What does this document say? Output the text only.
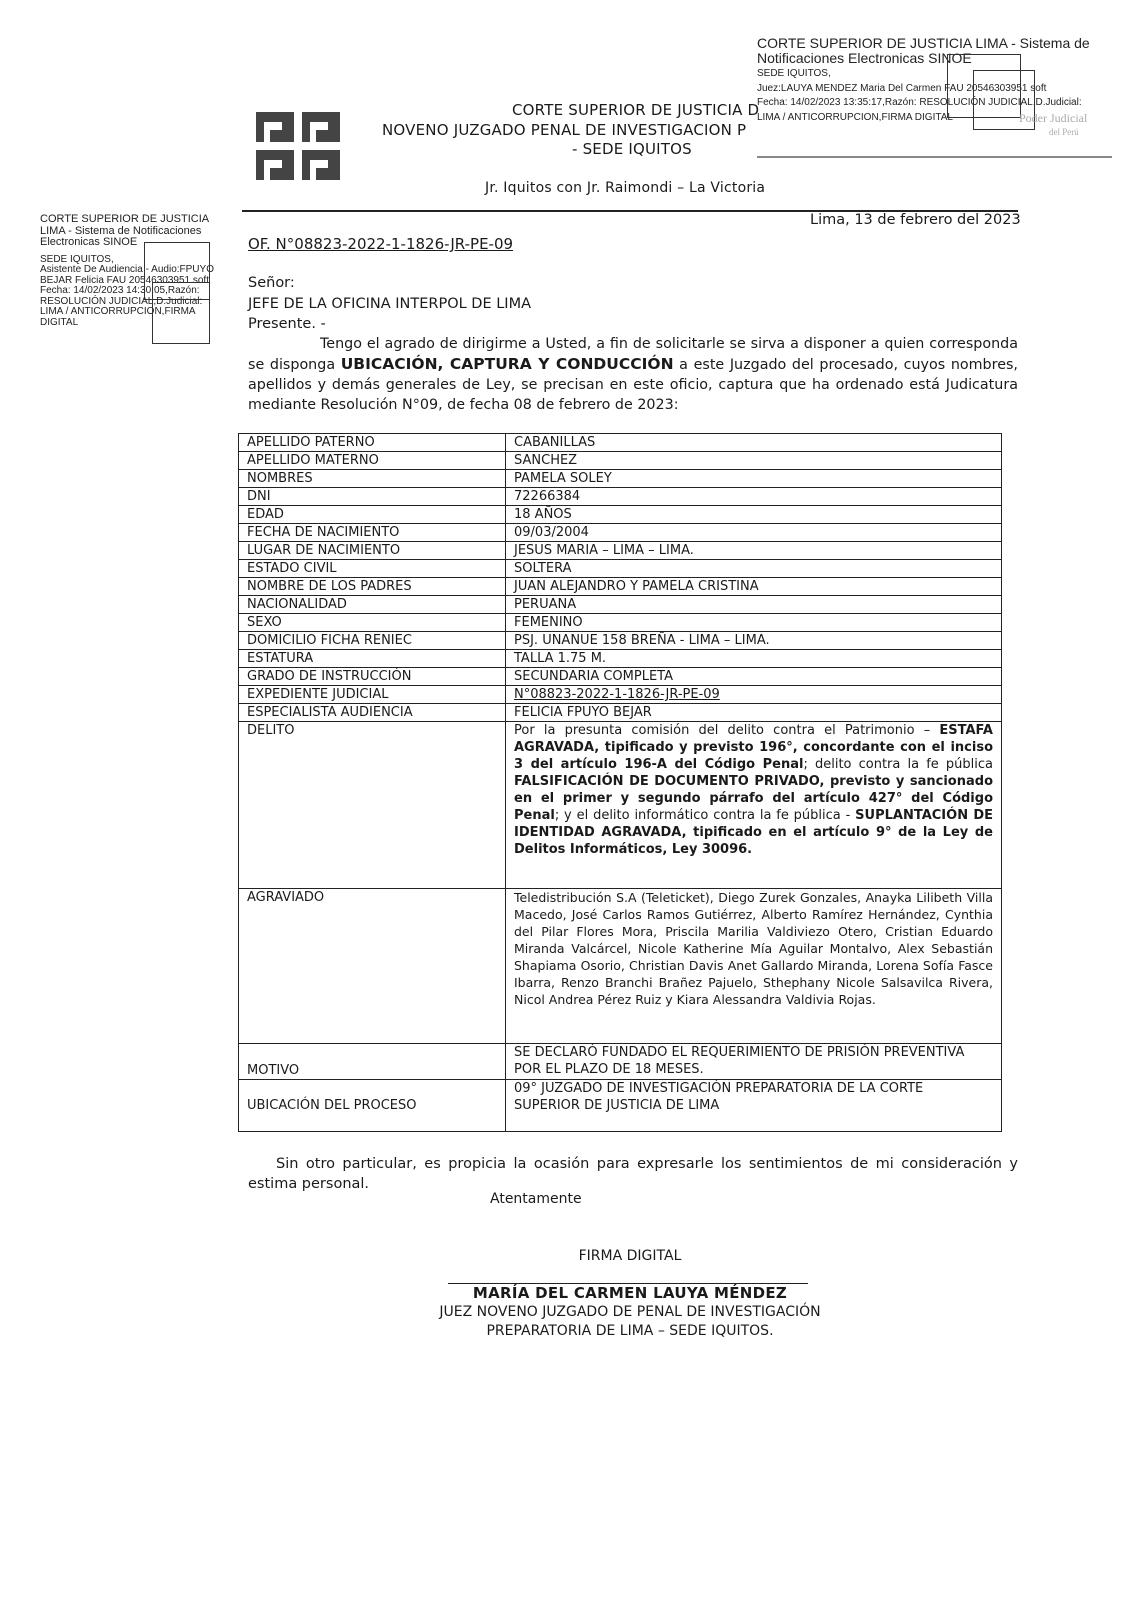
CORTE SUPERIOR DE JUSTICIA LIMA - Sistema de Notificaciones Electronicas SINOE
SEDE IQUITOS,
Juez:LAUYA MENDEZ Maria Del Carmen FAU 20546303951 soft
Fecha: 14/02/2023 13:35:17,Razón: RESOLUCIÓN JUDICIAL,D.Judicial:
LIMA / ANTICORRUPCION,FIRMA DIGITAL	Poder Judicial
del Perú
CORTE SUPERIOR DE JUSTICIA LIMA - Sistema de Notificaciones Electronicas SINOE
SEDE IQUITOS,
Asistente De Audiencia - Audio:FPUYO BEJAR Felicia FAU 20546303951 soft
Fecha: 14/02/2023 14:30:05,Razón: RESOLUCIÓN JUDICIAL,D.Judicial: LIMA / ANTICORRUPCION,FIRMA DIGITAL
CORTE SUPERIOR DE JUSTICIA D
NOVENO JUZGADO PENAL DE INVESTIGACION P
- SEDE IQUITOS
Jr. Iquitos con Jr. Raimondi – La Victoria
Lima, 13 de febrero del 2023
OF. N°08823-2022-1-1826-JR-PE-09
Señor:
JEFE DE LA OFICINA INTERPOL DE LIMA
Presente. -
Tengo el agrado de dirigirme a Usted, a fin de solicitarle se sirva a disponer a quien corresponda se disponga UBICACIÓN, CAPTURA Y CONDUCCIÓN a este Juzgado del procesado, cuyos nombres, apellidos y demás generales de Ley, se precisan en este oficio, captura que ha ordenado está Judicatura mediante Resolución N°09, de fecha 08 de febrero de 2023:
APELLIDO PATERNO	CABANILLAS
APELLIDO MATERNO	SANCHEZ
NOMBRES	PAMELA SOLEY
DNI	72266384
EDAD	18 AÑOS
FECHA DE NACIMIENTO	09/03/2004
LUGAR DE NACIMIENTO	JESUS MARIA – LIMA – LIMA.
ESTADO CIVIL	SOLTERA
NOMBRE DE LOS PADRES	JUAN ALEJANDRO Y PAMELA CRISTINA
NACIONALIDAD	PERUANA
SEXO	FEMENINO
DOMICILIO FICHA RENIEC	PSJ. UNANUE 158 BREÑA - LIMA – LIMA.
ESTATURA	TALLA 1.75 M.
GRADO DE INSTRUCCIÓN	SECUNDARIA COMPLETA
EXPEDIENTE JUDICIAL	N°08823-2022-1-1826-JR-PE-09
ESPECIALISTA AUDIENCIA	FELICIA FPUYO BEJAR
DELITO	Por la presunta comisión del delito contra el Patrimonio – ESTAFA AGRAVADA, tipificado y previsto 196°, concordante con el inciso 3 del artículo 196-A del Código Penal; delito contra la fe pública FALSIFICACIÓN DE DOCUMENTO PRIVADO, previsto y sancionado en el primer y segundo párrafo del artículo 427° del Código Penal; y el delito informático contra la fe pública - SUPLANTACIÓN DE IDENTIDAD AGRAVADA, tipificado en el artículo 9° de la Ley de Delitos Informáticos, Ley 30096.
AGRAVIADO	Teledistribución S.A (Teleticket), Diego Zurek Gonzales, Anayka Lilibeth Villa Macedo, José Carlos Ramos Gutiérrez, Alberto Ramírez Hernández, Cynthia del Pilar Flores Mora, Priscila Marilia Valdiviezo Otero, Cristian Eduardo Miranda Valcárcel, Nicole Katherine Mía Aguilar Montalvo, Alex Sebastián Shapiama Osorio, Christian Davis Anet Gallardo Miranda, Lorena Sofía Fasce Ibarra, Renzo Branchi Brañez Pajuelo, Sthephany Nicole Salsavilca Rivera, Nicol Andrea Pérez Ruiz y Kiara Alessandra Valdivia Rojas.
MOTIVO	SE DECLARÓ FUNDADO EL REQUERIMIENTO DE PRISIÓN PREVENTIVA POR EL PLAZO DE 18 MESES.
UBICACIÓN DEL PROCESO	09° JUZGADO DE INVESTIGACIÓN PREPARATORIA DE LA CORTE SUPERIOR DE JUSTICIA DE LIMA
Sin otro particular, es propicia la ocasión para expresarle los sentimientos de mi consideración y estima personal.
Atentamente
FIRMA DIGITAL
MARÍA DEL CARMEN LAUYA MÉNDEZ
JUEZ NOVENO JUZGADO DE PENAL DE INVESTIGACIÓN
PREPARATORIA DE LIMA – SEDE IQUITOS.
